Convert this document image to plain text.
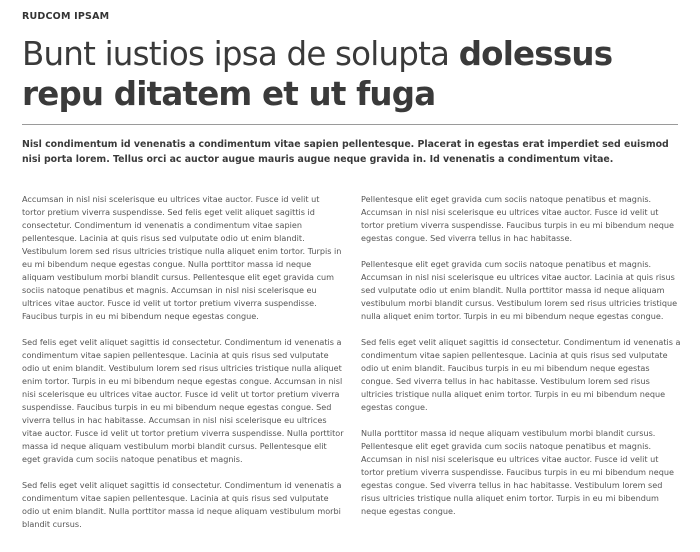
RUDCOM IPSAM
Bunt iustios ipsa de solupta dolessus repu ditatem et ut fuga

Nisl condimentum id venenatis a condimentum vitae sapien pellentesque. Placerat in egestas erat imperdiet sed euismod nisi porta lorem. Tellus orci ac auctor augue mauris augue neque gravida in. Id venenatis a condimentum vitae.

Accumsan in nisl nisi scelerisque eu ultrices vitae auctor. Fusce id velit ut tortor pretium viverra suspendisse. Sed felis eget velit aliquet sagittis id consectetur. Condimentum id venenatis a condimentum vitae sapien pellentesque. Lacinia at quis risus sed vulputate odio ut enim blandit. Vestibulum lorem sed risus ultricies tristique nulla aliquet enim tortor. Turpis in eu mi bibendum neque egestas congue. Nulla porttitor massa id neque aliquam vestibulum morbi blandit cursus. Pellentesque elit eget gravida cum sociis natoque penatibus et magnis. Accumsan in nisl nisi scelerisque eu ultrices vitae auctor. Fusce id velit ut tortor pretium viverra suspendisse. Faucibus turpis in eu mi bibendum neque egestas congue.

Sed felis eget velit aliquet sagittis id consectetur. Condimentum id venenatis a condimentum vitae sapien pellentesque. Lacinia at quis risus sed vulputate odio ut enim blandit. Vestibulum lorem sed risus ultricies tristique nulla aliquet enim tortor. Turpis in eu mi bibendum neque egestas congue. Accumsan in nisl nisi scelerisque eu ultrices vitae auctor. Fusce id velit ut tortor pretium viverra suspendisse. Faucibus turpis in eu mi bibendum neque egestas congue. Sed viverra tellus in hac habitasse. Accumsan in nisl nisi scelerisque eu ultrices vitae auctor. Fusce id velit ut tortor pretium viverra suspendisse. Nulla porttitor massa id neque aliquam vestibulum morbi blandit cursus. Pellentesque elit eget gravida cum sociis natoque penatibus et magnis.

Sed felis eget velit aliquet sagittis id consectetur. Condimentum id venenatis a condimentum vitae sapien pellentesque. Lacinia at quis risus sed vulputate odio ut enim blandit. Nulla porttitor massa id neque aliquam vestibulum morbi blandit cursus.

Pellentesque elit eget gravida cum sociis natoque penatibus et magnis. Accumsan in nisl nisi scelerisque eu ultrices vitae auctor. Fusce id velit ut tortor pretium viverra suspendisse. Faucibus turpis in eu mi bibendum neque egestas congue. Sed viverra tellus in hac habitasse.

Pellentesque elit eget gravida cum sociis natoque penatibus et magnis. Accumsan in nisl nisi scelerisque eu ultrices vitae auctor. Lacinia at quis risus sed vulputate odio ut enim blandit. Nulla porttitor massa id neque aliquam vestibulum morbi blandit cursus. Vestibulum lorem sed risus ultricies tristique nulla aliquet enim tortor. Turpis in eu mi bibendum neque egestas congue.

Sed felis eget velit aliquet sagittis id consectetur. Condimentum id venenatis a condimentum vitae sapien pellentesque. Lacinia at quis risus sed vulputate odio ut enim blandit. Faucibus turpis in eu mi bibendum neque egestas congue. Sed viverra tellus in hac habitasse. Vestibulum lorem sed risus ultricies tristique nulla aliquet enim tortor. Turpis in eu mi bibendum neque egestas congue.

Nulla porttitor massa id neque aliquam vestibulum morbi blandit cursus. Pellentesque elit eget gravida cum sociis natoque penatibus et magnis. Accumsan in nisl nisi scelerisque eu ultrices vitae auctor. Fusce id velit ut tortor pretium viverra suspendisse. Faucibus turpis in eu mi bibendum neque egestas congue. Sed viverra tellus in hac habitasse. Vestibulum lorem sed risus ultricies tristique nulla aliquet enim tortor. Turpis in eu mi bibendum neque egestas congue.
